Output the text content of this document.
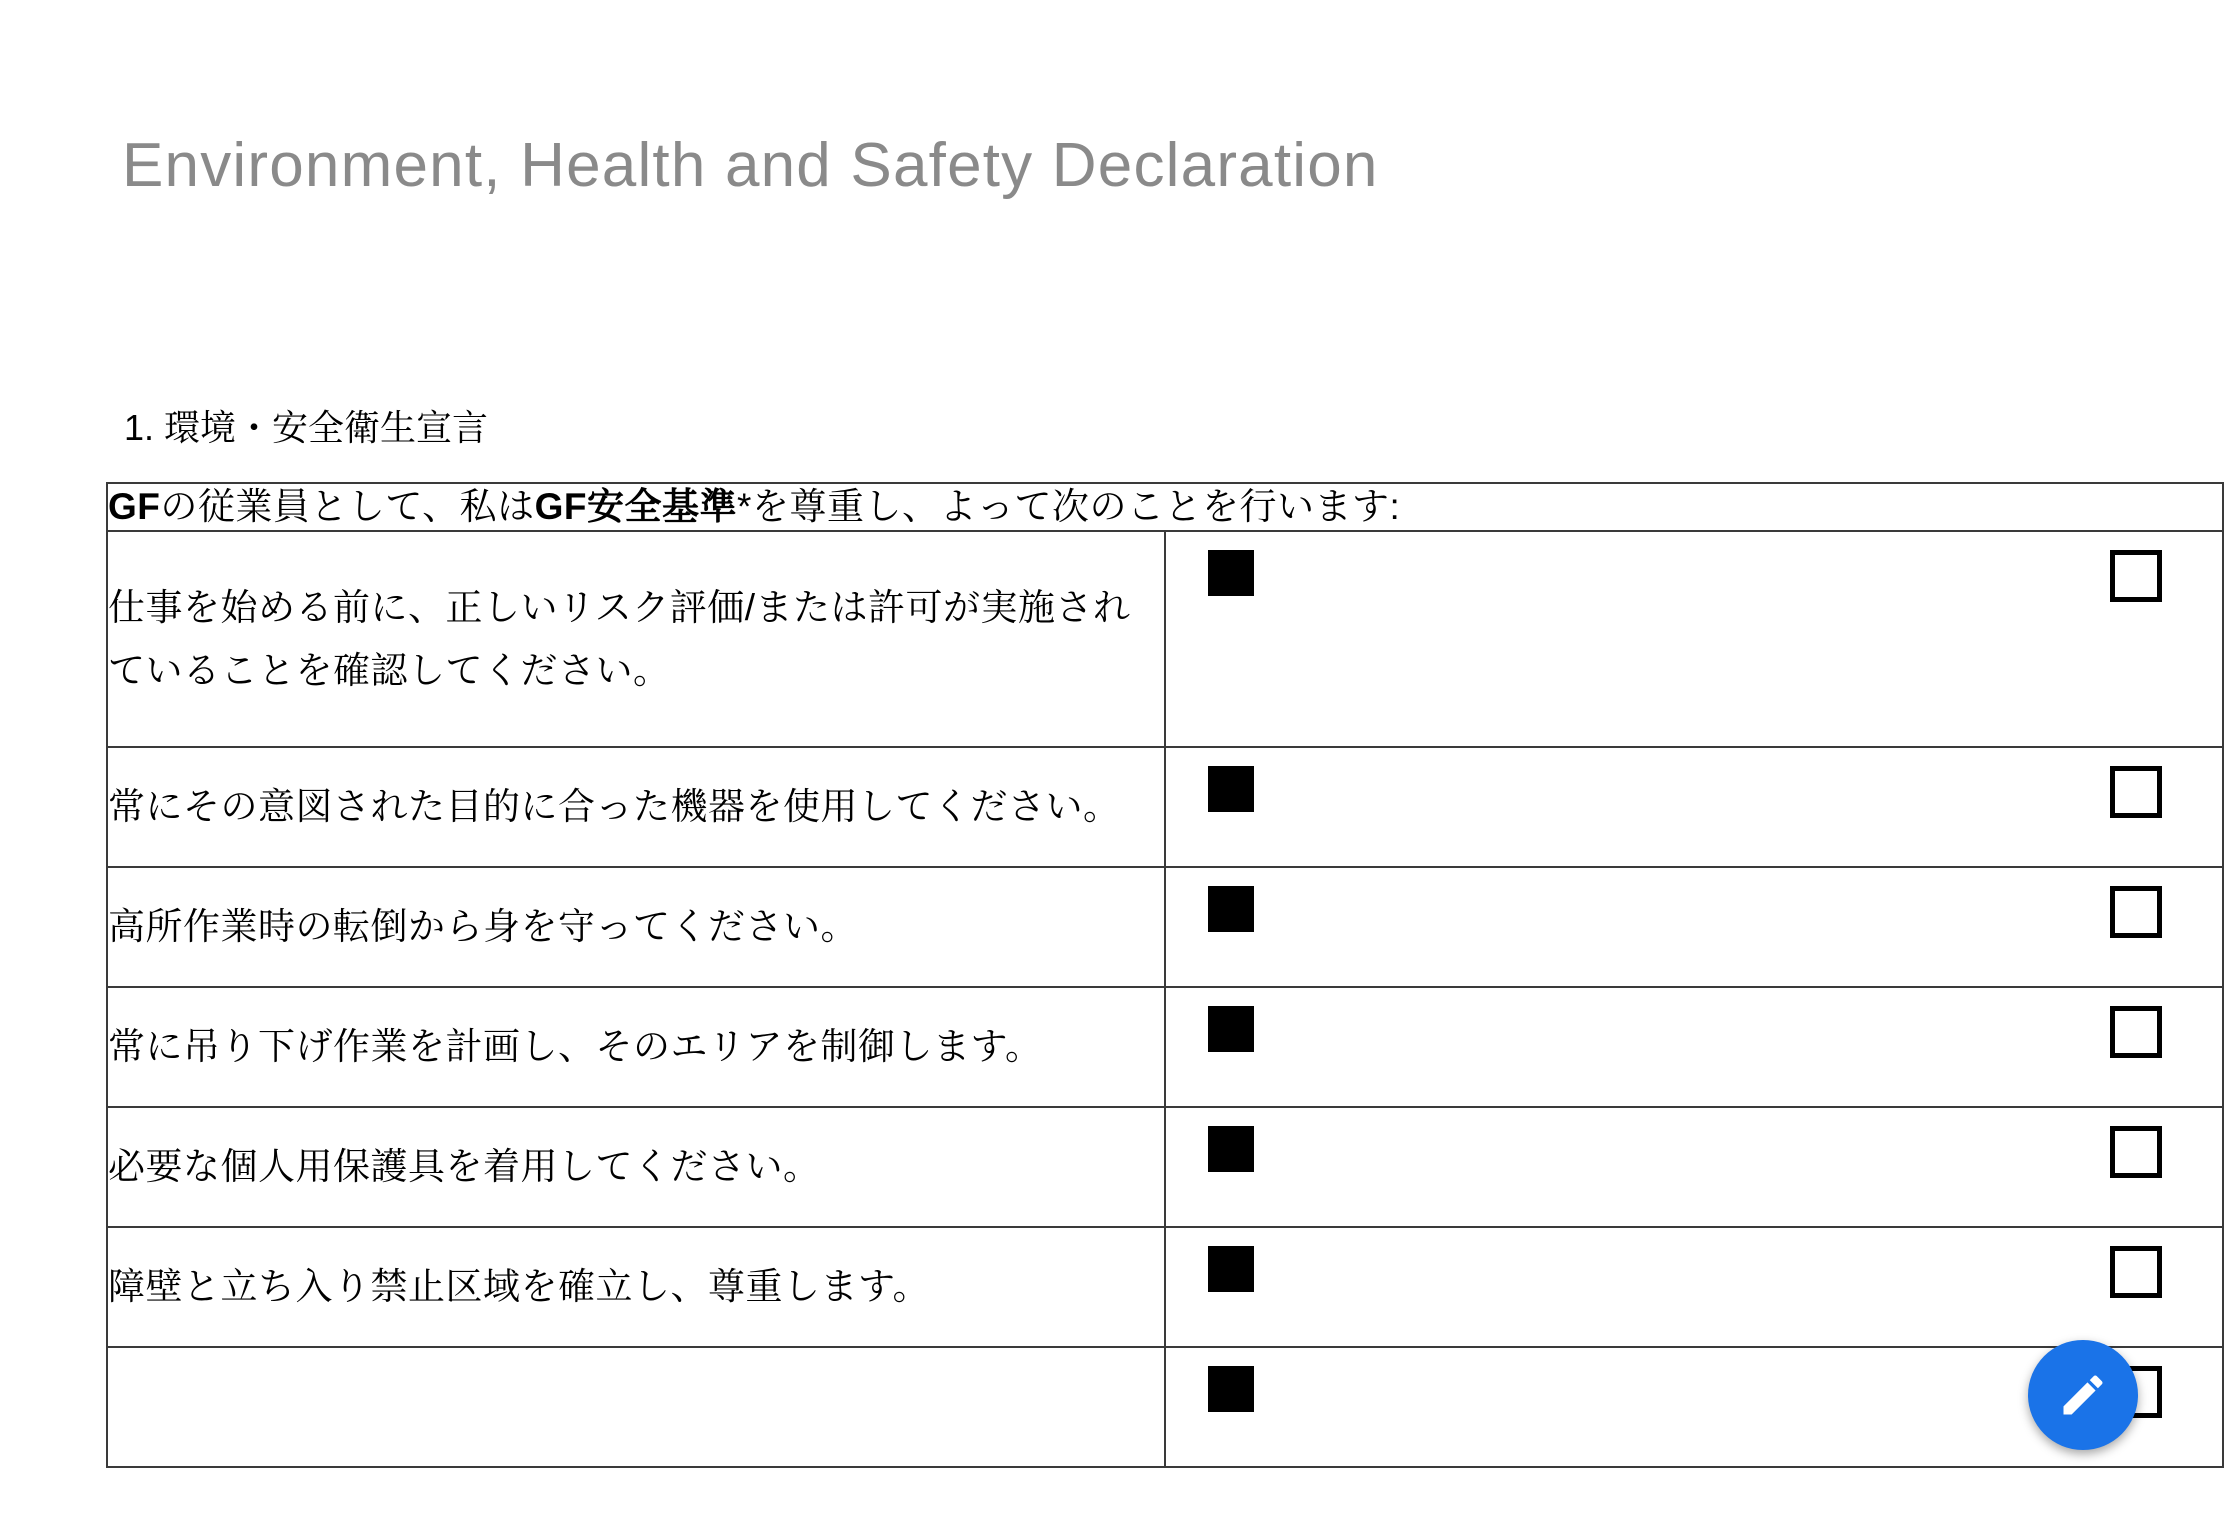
Environment, Health and Safety Declaration
1. 環境・安全衛生宣言
GFの従業員として、私はGF安全基準*を尊重し、よって次のことを行います:	
仕事を始める前に、正しいリスク評価/または許可が実施されていることを確認してください。	

常にその意図された目的に合った機器を使用してください。	

高所作業時の転倒から身を守ってください。	

常に吊り下げ作業を計画し、そのエリアを制御します。	

必要な個人用保護具を着用してください。	

障壁と立ち入り禁止区域を確立し、尊重します。	
